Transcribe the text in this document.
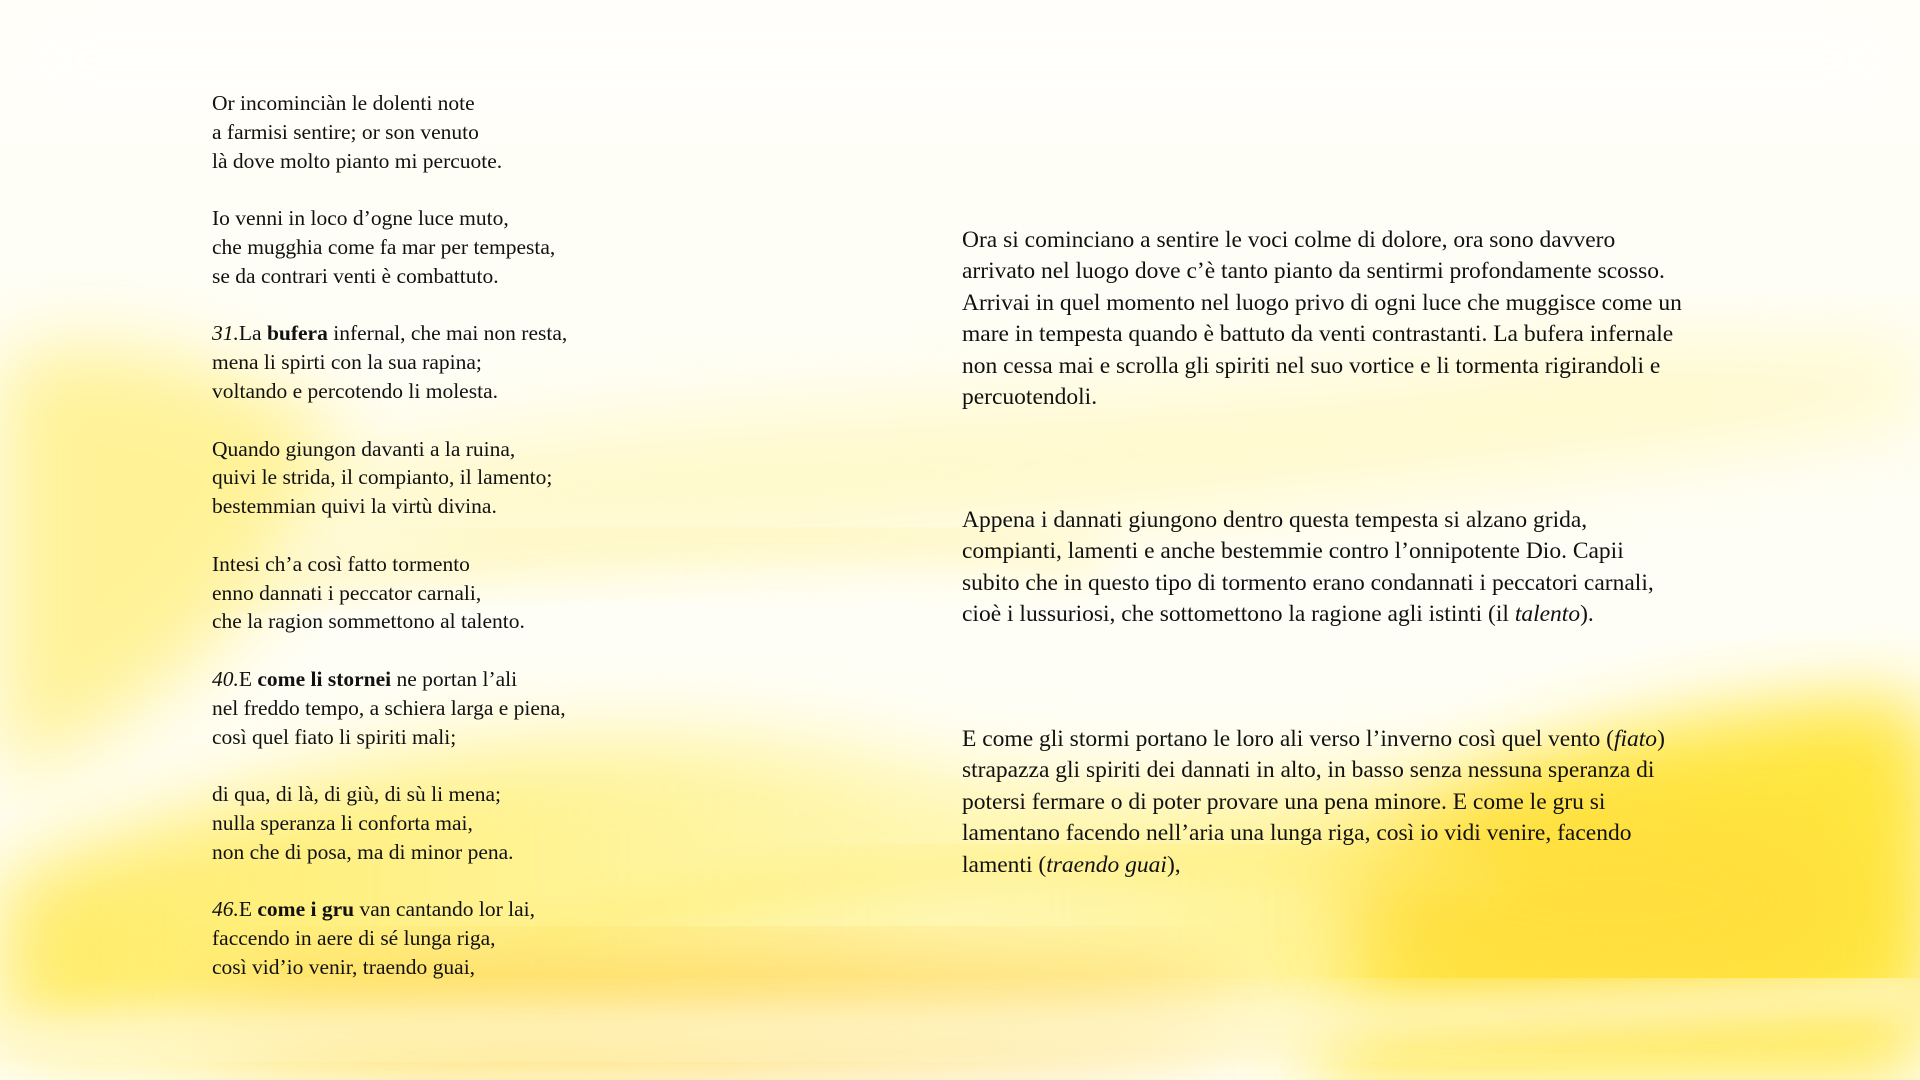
Or incominciàn le dolenti note
a farmisi sentire; or son venuto
là dove molto pianto mi percuote.
Io venni in loco d’ogne luce muto,
che mugghia come fa mar per tempesta,
se da contrari venti è combattuto.
31.La bufera infernal, che mai non resta,
mena li spirti con la sua rapina;
voltando e percotendo li molesta.
Quando giungon davanti a la ruina,
quivi le strida, il compianto, il lamento;
bestemmian quivi la virtù divina.
Intesi ch’a così fatto tormento
enno dannati i peccator carnali,
che la ragion sommettono al talento.
40.E come li stornei ne portan l’ali
nel freddo tempo, a schiera larga e piena,
così quel fiato li spiriti mali;
di qua, di là, di giù, di sù li mena;
nulla speranza li conforta mai,
non che di posa, ma di minor pena.
46.E come i gru van cantando lor lai,
faccendo in aere di sé lunga riga,
così vid’io venir, traendo guai,

Ora si cominciano a sentire le voci colme di dolore, ora sono davvero arrivato nel luogo dove c’è tanto pianto da sentirmi profondamente scosso.

Arrivai in quel momento nel luogo privo di ogni luce che muggisce come un mare in tempesta quando è battuto da venti contrastanti. La bufera infernale non cessa mai e scrolla gli spiriti nel suo vortice e li tormenta rigirandoli e percuotendoli.

Appena i dannati giungono dentro questa tempesta si alzano grida, compianti, lamenti e anche bestemmie contro l’onnipotente Dio. Capii subito che in questo tipo di tormento erano condannati i peccatori carnali, cioè i lussuriosi, che sottomettono la ragione agli istinti (il talento).

E come gli stormi portano le loro ali verso l’inverno così quel vento (fiato) strapazza gli spiriti dei dannati in alto, in basso senza nessuna speranza di potersi fermare o di poter provare una pena minore. E come le gru si lamentano facendo nell’aria una lunga riga, così io vidi venire, facendo lamenti (traendo guai),
